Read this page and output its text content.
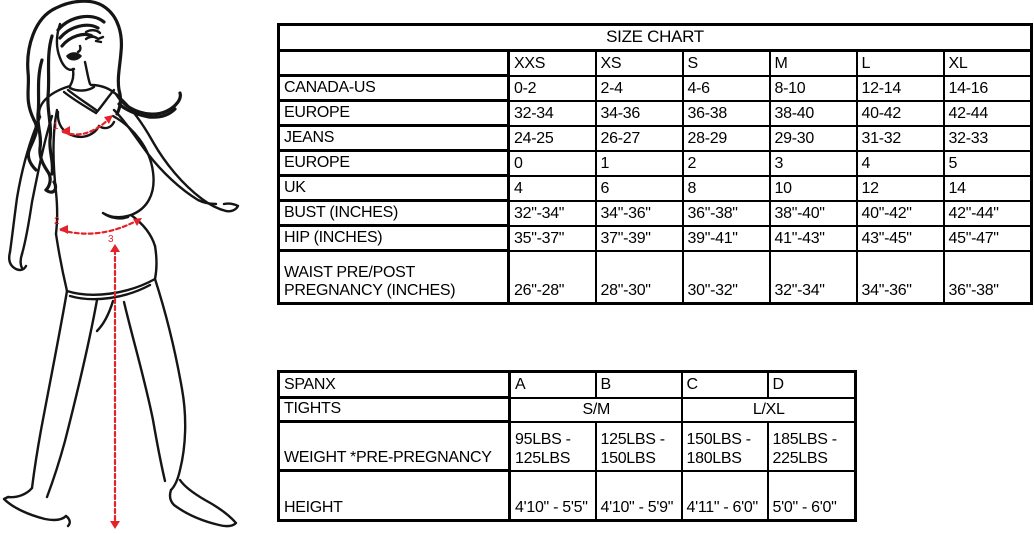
1
2
3
SIZE CHART						
	XXS	XS	S	M	L	XL
CANADA-US	0-2	2-4	4-6	8-10	12-14	14-16
EUROPE	32-34	34-36	36-38	38-40	40-42	42-44
JEANS	24-25	26-27	28-29	29-30	31-32	32-33
EUROPE	0	1	2	3	4	5
UK	4	6	8	10	12	14
BUST (INCHES)	32"-34"	34"-36"	36"-38"	38"-40"	40"-42"	42"-44"
HIP (INCHES)	35"-37"	37"-39"	39"-41"	41"-43"	43"-45"	45"-47"
WAIST PRE/POST PREGNANCY (INCHES)	26"-28"	28"-30"	30"-32"	32"-34"	34"-36"	36"-38"
SPANX	A	B	C	D
TIGHTS	S/M		L/XL	
WEIGHT *PRE-PREGNANCY	95LBS - 125LBS	125LBS - 150LBS	150LBS - 180LBS	185LBS - 225LBS
HEIGHT	4'10" - 5'5"	4'10" - 5'9"	4'11" - 6'0"	5'0" - 6'0"
